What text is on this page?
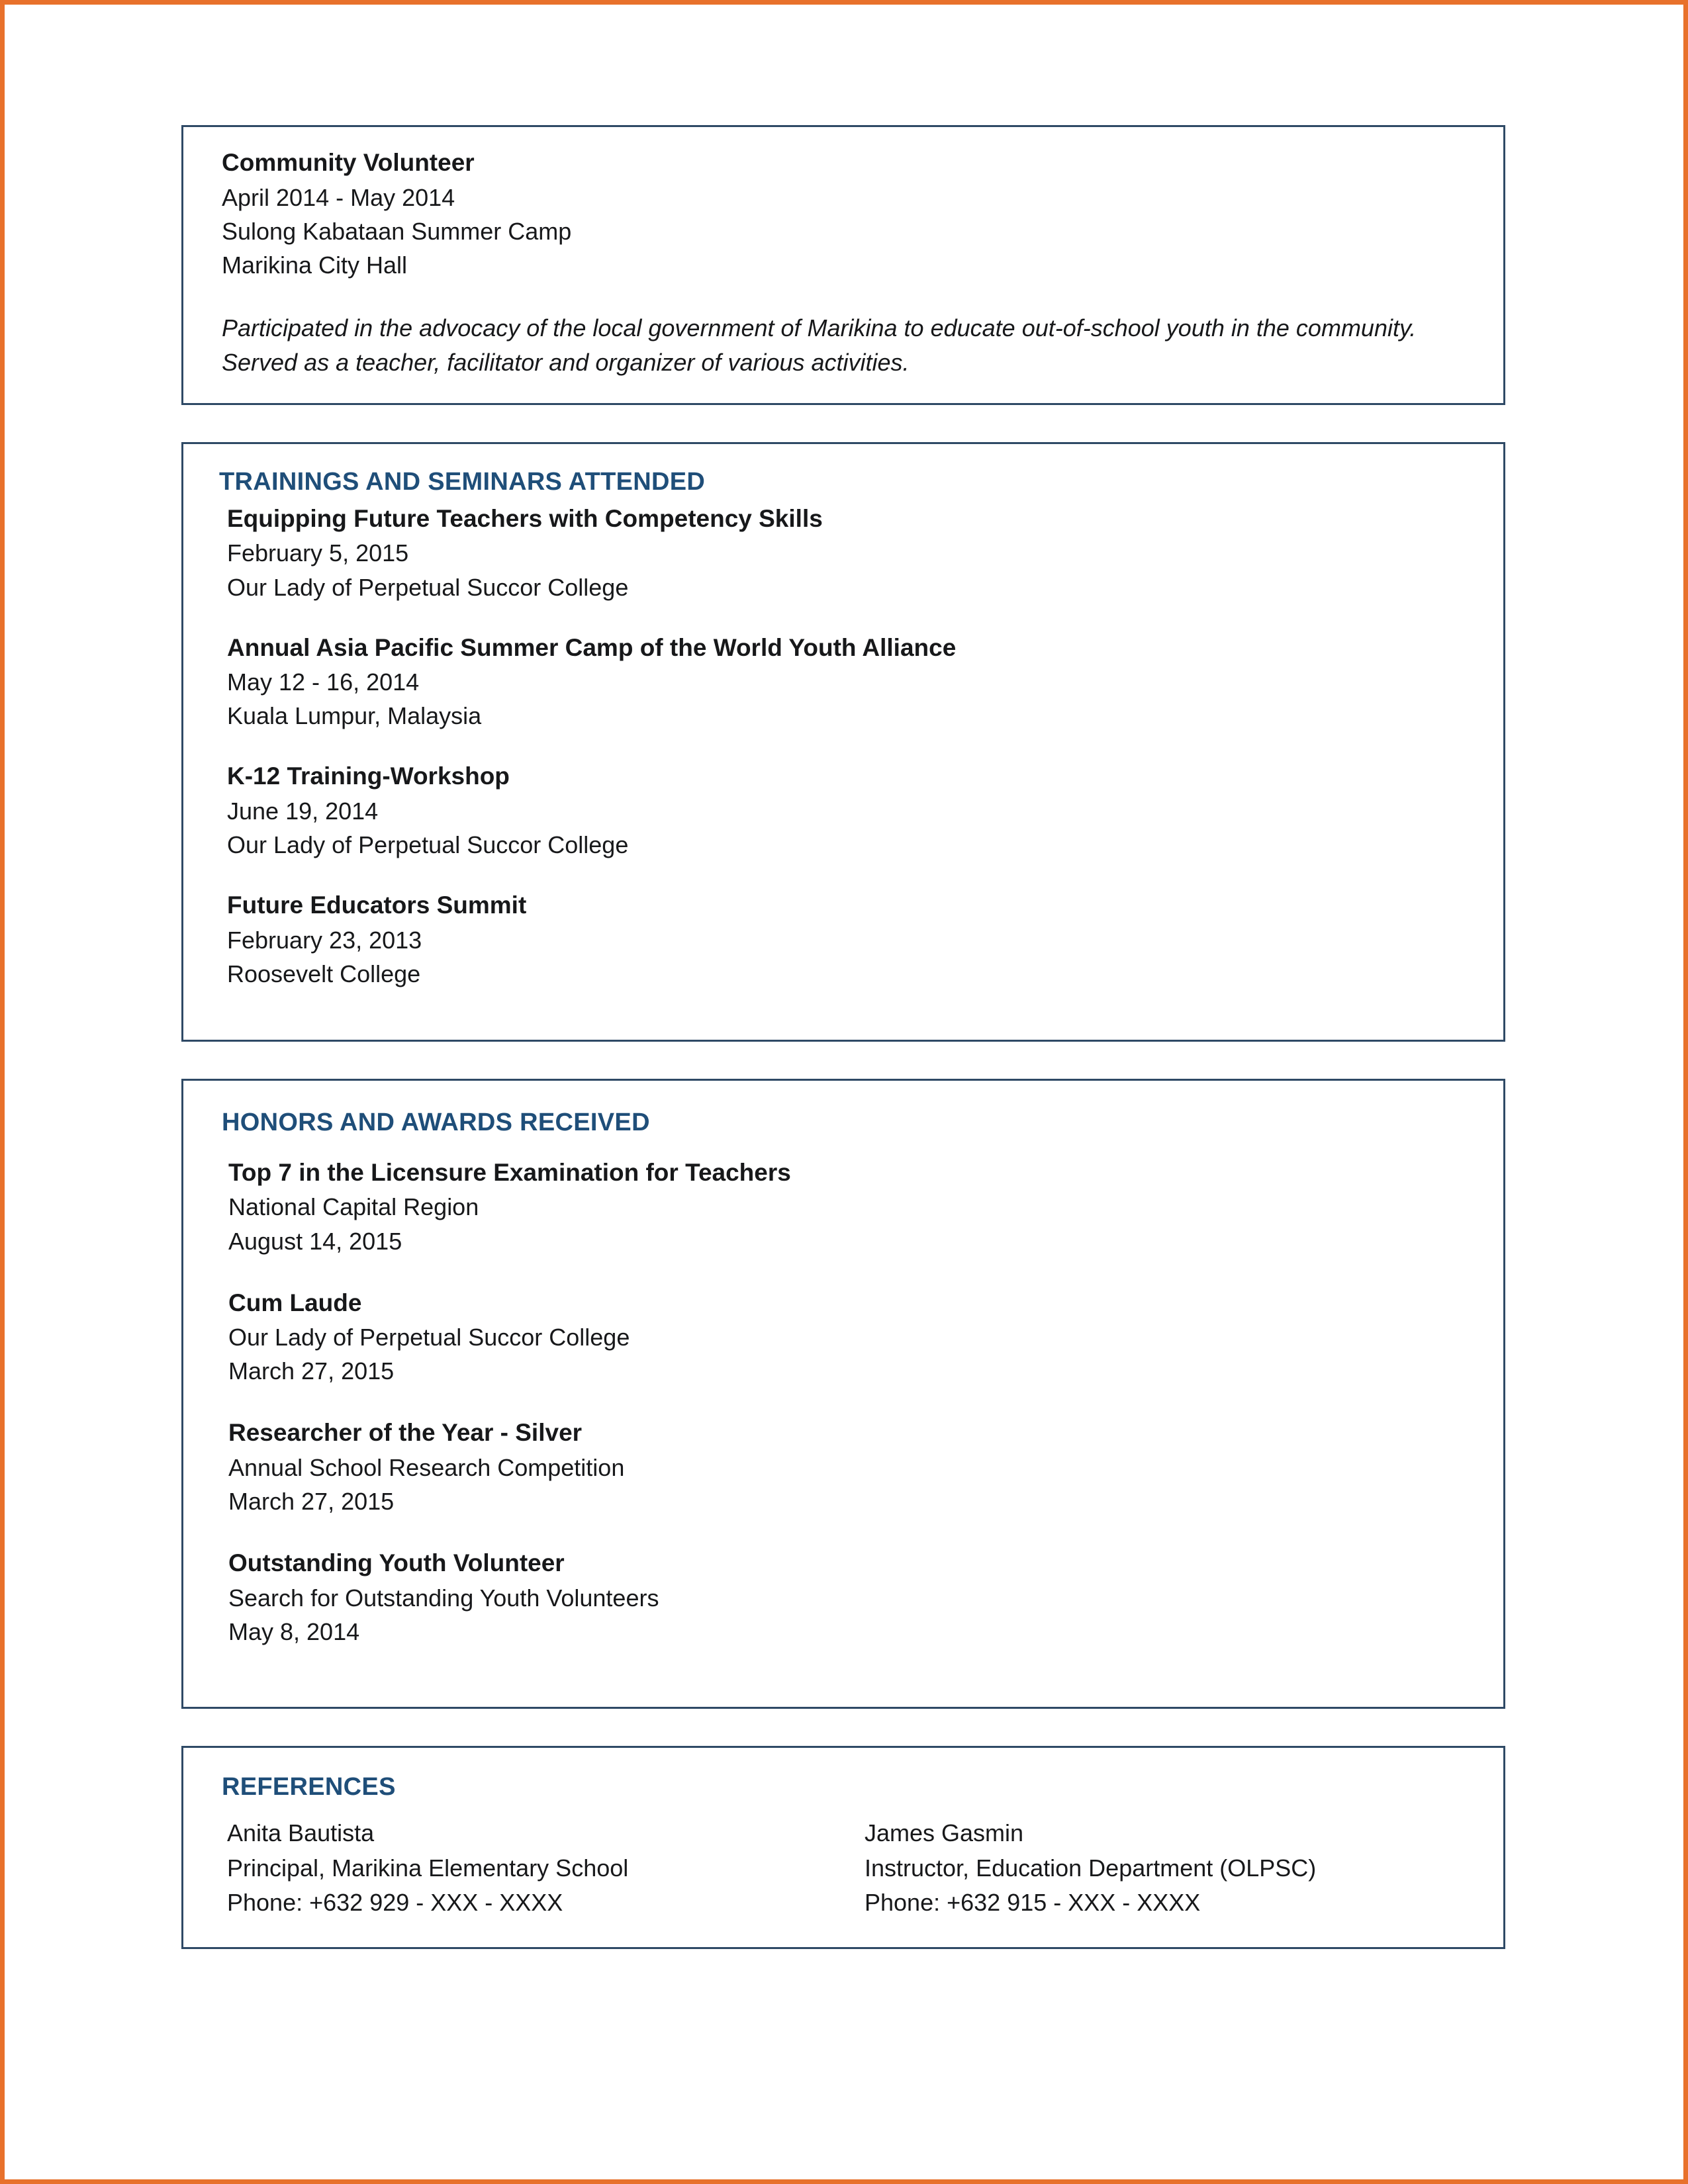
Community Volunteer
April 2014 - May 2014
Sulong Kabataan Summer Camp
Marikina City Hall
Participated in the advocacy of the local government of Marikina to educate out-of-school youth in the community. Served as a teacher, facilitator and organizer of various activities.
TRAININGS AND SEMINARS ATTENDED
Equipping Future Teachers with Competency Skills
February 5, 2015
Our Lady of Perpetual Succor College
Annual Asia Pacific Summer Camp of the World Youth Alliance
May 12 - 16, 2014
Kuala Lumpur, Malaysia
K-12 Training-Workshop
June 19, 2014
Our Lady of Perpetual Succor College
Future Educators Summit
February 23, 2013
Roosevelt College
HONORS AND AWARDS RECEIVED
Top 7 in the Licensure Examination for Teachers
National Capital Region
August 14, 2015
Cum Laude
Our Lady of Perpetual Succor College
March 27, 2015
Researcher of the Year - Silver
Annual School Research Competition
March 27, 2015
Outstanding Youth Volunteer
Search for Outstanding Youth Volunteers
May 8, 2014
REFERENCES
Anita Bautista
Principal, Marikina Elementary School
Phone: +632 929 - XXX - XXXX
James Gasmin
Instructor, Education Department (OLPSC)
Phone: +632 915 - XXX - XXXX
